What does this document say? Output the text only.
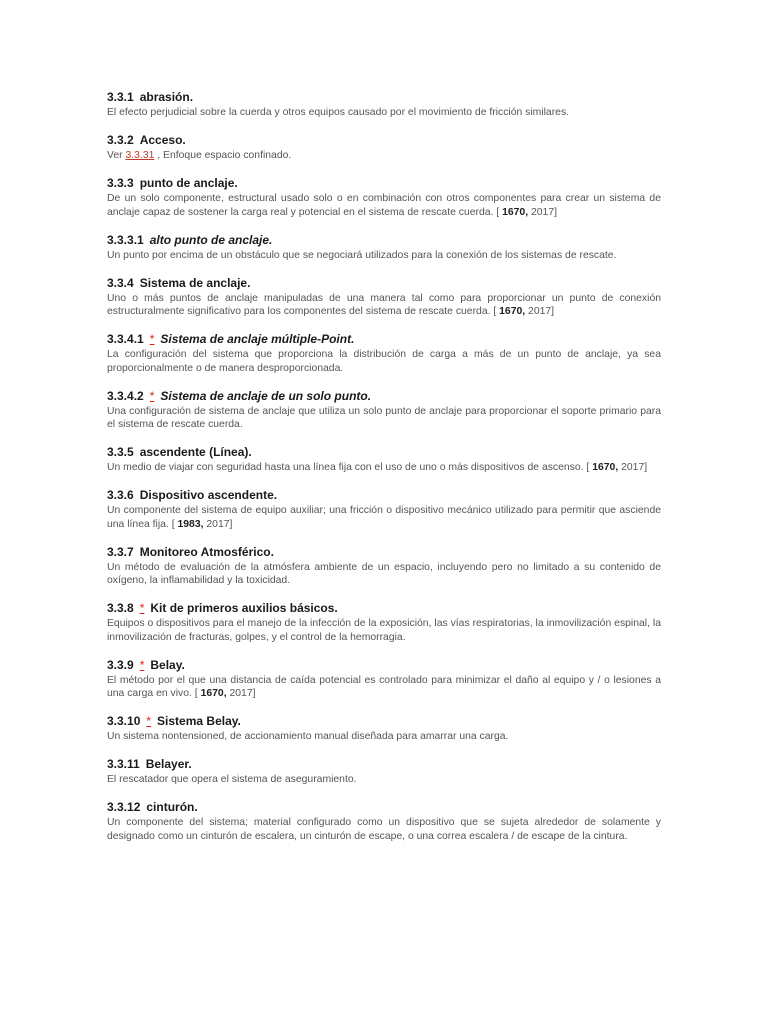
3.3.1 abrasión.

El efecto perjudicial sobre la cuerda y otros equipos causado por el movimiento de fricción similares.

3.3.2 Acceso.

Ver 3.3.31 , Enfoque espacio confinado.

3.3.3 punto de anclaje.

De un solo componente, estructural usado solo o en combinación con otros componentes para crear un sistema de anclaje capaz de sostener la carga real y potencial en el sistema de rescate cuerda. [ 1670, 2017]

3.3.3.1 alto punto de anclaje.

Un punto por encima de un obstáculo que se negociará utilizados para la conexión de los sistemas de rescate.

3.3.4 Sistema de anclaje.

Uno o más puntos de anclaje manipuladas de una manera tal como para proporcionar un punto de conexión estructuralmente significativo para los componentes del sistema de rescate cuerda. [ 1670, 2017]

3.3.4.1 * Sistema de anclaje múltiple-Point.

La configuración del sistema que proporciona la distribución de carga a más de un punto de anclaje, ya sea proporcionalmente o de manera desproporcionada.

3.3.4.2 * Sistema de anclaje de un solo punto.

Una configuración de sistema de anclaje que utiliza un solo punto de anclaje para proporcionar el soporte primario para el sistema de rescate cuerda.

3.3.5 ascendente (Línea).

Un medio de viajar con seguridad hasta una línea fija con el uso de uno o más dispositivos de ascenso. [ 1670, 2017]

3.3.6 Dispositivo ascendente.

Un componente del sistema de equipo auxiliar; una fricción o dispositivo mecánico utilizado para permitir que asciende una línea fija. [ 1983, 2017]

3.3.7 Monitoreo Atmosférico.

Un método de evaluación de la atmósfera ambiente de un espacio, incluyendo pero no limitado a su contenido de oxígeno, la inflamabilidad y la toxicidad.

3.3.8 * Kit de primeros auxilios básicos.

Equipos o dispositivos para el manejo de la infección de la exposición, las vías respiratorias, la inmovilización espinal, la inmovilización de fracturas, golpes, y el control de la hemorragia.

3.3.9 * Belay.

El método por el que una distancia de caída potencial es controlado para minimizar el daño al equipo y / o lesiones a una carga en vivo. [ 1670, 2017]

3.3.10 * Sistema Belay.

Un sistema nontensioned, de accionamiento manual diseñada para amarrar una carga.

3.3.11 Belayer.

El rescatador que opera el sistema de aseguramiento.

3.3.12 cinturón.

Un componente del sistema; material configurado como un dispositivo que se sujeta alrededor de solamente y designado como un cinturón de escalera, un cinturón de escape, o una correa escalera / de escape de la cintura.
